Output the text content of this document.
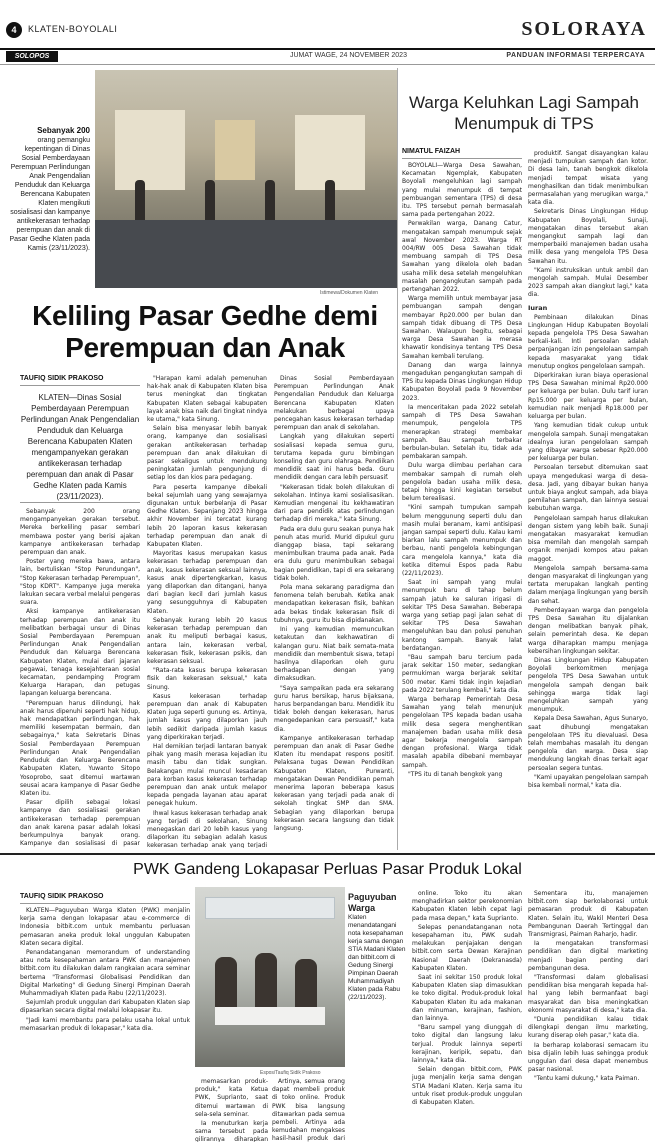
4	KLATEN-BOYOLALI	SOLORAYA
SOLOPOS	JUMAT WAGE, 24 NOVEMBER 2023	PANDUAN INFORMASI TERPERCAYA
Sebanyak 200
orang pemangku kepentingan di Dinas Sosial Pemberdayaan Perempuan Perlindungan Anak Pengendalian Penduduk dan Keluarga Berencana Kabupaten Klaten mengikuti sosialisasi dan kampanye antikekerasan terhadap perempuan dan anak di Pasar Gedhe Klaten pada Kamis (23/11/2023).
Istimewa/Dokumen Klaten
Keliling Pasar Gedhe demi Perempuan dan Anak
TAUFIQ SIDIK PRAKOSO
KLATEN—Dinas Sosial Pemberdayaan Perempuan Perlindungan Anak Pengendalian Penduduk dan Keluarga Berencana Kabupaten Klaten mengampanyekan gerakan antikekerasan terhadap perempuan dan anak di Pasar Gedhe Klaten pada Kamis (23/11/2023).

Sebanyak 200 orang mengampanyekan gerakan tersebut. Mereka berkeliling pasar sembari membawa poster yang berisi ajakan kampanye antikekerasan terhadap perempuan dan anak.

Poster yang mereka bawa, antara lain, bertuliskan "Stop Perundungan", "Stop Kekerasan terhadap Perempuan", "Stop KDRT". Kampanye juga mereka lakukan secara verbal melalui pengeras suara.

Aksi kampanye antikekerasan terhadap perempuan dan anak itu melibatkan berbagai unsur di Dinas Sosial Pemberdayaan Perempuan Perlindungan Anak Pengendalian Penduduk dan Keluarga Berencana Kabupaten Klaten, mulai dari jajaran pegawai, tenaga kesejahteraan sosial kecamatan, pendamping Program Keluarga Harapan, dan petugas lapangan keluarga berencana.

"Perempuan harus dilindungi, hak anak harus dipenuhi seperti hak hidup, hak mendapatkan perlindungan, hak memiliki kesempatan bermain, dan sebagainya," kata Sekretaris Dinas Sosial Pemberdayaan Perempuan Perlindungan Anak Pengendalian Penduduk dan Keluarga Berencana Kabupaten Klaten, Yuwanto Sitopo Yosoprobo, saat ditemui wartawan seusai acara kampanye di Pasar Gedhe Klaten itu.

Pasar dipilih sebagai lokasi kampanye dan sosialisasi gerakan antikekerasan terhadap perempuan dan anak karena pasar adalah lokasi berkumpulnya banyak orang. Kampanye dan sosialisasi di pasar

"Harapan kami adalah pemenuhan hak-hak anak di Kabupaten Klaten bisa terus meningkat dan tingkatan Kabupaten Klaten sebagai kabupaten layak anak bisa naik dari tingkat nindya ke utama," kata Sinung.

Selain bisa menyasar lebih banyak orang, kampanye dan sosialisasi gerakan antikekerasan terhadap perempuan dan anak dilakukan di pasar sekaligus untuk mendukung peningkatan jumlah pengunjung di setiap los dan kios para pedagang.

Para peserta kampanye dibekali bekal sejumlah uang yang sewajarnya digunakan untuk berbelanja di Pasar Gedhe Klaten. Sepanjang 2023 hingga akhir November ini tercatat kurang lebih 20 laporan kasus kekerasan terhadap perempuan dan anak di Kabupaten Klaten.

Mayoritas kasus merupakan kasus kekerasan terhadap perempuan dan anak, kasus kekerasan seksual lainnya, kasus anak dipertengkarkan, kasus yang dilaporkan dan ditangani, hanya dari bagian kecil dari jumlah kasus yang sesungguhnya di Kabupaten Klaten.

Sebanyak kurang lebih 20 kasus kekerasan terhadap perempuan dan anak itu meliputi berbagai kasus, antara lain, kekerasan verbal, kekerasan fisik, kekerasan psikis, dan kekerasan seksual.

"Rata-rata kasus berupa kekerasan fisik dan kekerasan seksual," kata Sinung.

Kasus kekerasan terhadap perempuan dan anak di Kabupaten Klaten juga seperti gunung es. Artinya, jumlah kasus yang dilaporkan jauh lebih sedikit daripada jumlah kasus yang diperkirakan terjadi.

Hal demikian terjadi lantaran banyak pihak yang masih merasa kejadian itu masih tabu dan tidak sungkan. Belakangan mulai muncul kesadaran para korban kasus kekerasan terhadap perempuan dan anak untuk melapor kepada pengada layanan atau aparat penegak hukum.

Ihwal kasus kekerasan terhadap anak yang terjadi di sekolahan, Sinung menegaskan dari 20 lebih kasus yang dilaporkan itu sebagian adalah kasus kekerasan terhadap anak yang terjadi

Dinas Sosial Pemberdayaan Perempuan Perlindungan Anak Pengendalian Penduduk dan Keluarga Berencana Kabupaten Klaten melakukan berbagai upaya pencegahan kasus kekerasan terhadap perempuan dan anak di sekolahan.

Langkah yang dilakukan seperti sosialisasi kepada semua guru, terutama kepada guru bimbingan konseling dan guru olahraga. Pendiikan mendidik saat ini harus beda. Guru mendidik dengan cara lebih persuasif.

"Kekerasan tidak boleh dilakukan di sekolahan. Intinya kami sosialisasikan. Kemudian mengenai itu kekhawatiran dari para pendidik atas perlindungan terhadap diri mereka," kata Sinung.

Pada era dulu guru seakan punya hak penuh atas murid. Murid dipukul guru dianggap biasa, tapi sekarang menimbulkan trauma pada anak. Pada era dulu guru menimbulkan sebagai bagian pendidikan, tapi di era sekarang tidak boleh.

Pola mana sekarang paradigma dan fenomena telah berubah. Ketika anak mendapatkan kekerasan fisik, bahkan ada bekas tindak kekerasan fisik di tubuhnya, guru itu bisa dipidanakan.

Ini yang kemudian memunculkan ketakutan dan kekhawatiran di kalangan guru. Niat baik semata-mata mendidik dan membentuk siswa, tetapi hasilnya dilaporkan oleh guru berhadapan dengan yang dimaksudkan.

"Saya sampaikan pada era sekarang guru harus bersikap, harus bijaksana, harus berpandangan baru. Mendidik itu tidak boleh dengan kekerasan, harus mengedepankan cara persuasif," kata dia.

Kampanye antikekerasan terhadap perempuan dan anak di Pasar Gedhe Klaten itu mendapat respons positif. Pelaksana tugas Dewan Pendidikan Kabupaten Klaten, Purwanti, mengatakan Dewan Pendidikan pernah menerima laporan beberapa kasus kekerasan yang terjadi pada anak di sekolah tingkat SMP dan SMA. Sebagian yang dilaporkan berupa kekerasan secara langsung dan tidak langsung.

Warga Keluhkan Lagi Sampah Menumpuk di TPS
NIMATUL FAIZAH

BOYOLALI—Warga Desa Sawahan, Kecamatan Ngemplak, Kabupaten Boyolali mengeluhkan lagi sampah yang mulai menumpuk di tempat pembuangan sementara (TPS) di desa itu. TPS tersebut pernah bermasalah sama pada pertengahan 2022.

Perwakilan warga, Danang Catur, mengatakan sampah menumpuk sejak awal November 2023. Warga RT 004/RW 005 Desa Sawahan tidak membuang sampah di TPS Desa Sawahan yang dikelola oleh badan usaha milik desa setelah mengeluhkan masalah pengangkutan sampah pada pertengahan 2022.

Warga memilih untuk membayar jasa pembuangan sampah dengan membayar Rp20.000 per bulan dan sampah tidak dibuang di TPS Desa Sawahan. Walaupun begitu, sebagai warga Desa Sawahan ia merasa khawatir kondisinya tentang TPS Desa Sawahan kembali terulang.

Danang dan warga lainnya mengadukan pengangkutan sampah di TPS itu kepada Dinas Lingkungan Hidup Kabupaten Boyolali pada 9 November 2023.

Ia menceritakan pada 2022 setelah sampah di TPS Desa Sawahan menumpuk, pengelola TPS menerapkan strategi membakar sampah. Bau sampah terbakar berbulan-bulan. Setelah itu, tidak ada pembakaran sampah.

Dulu warga diimbau perlahan cara membakar sampah di rumah oleh pengelola badan usaha milik desa, tetapi hingga kini kegiatan tersebut belum terealisasi.

"Kini sampah tumpukan sampah belum menggunung seperti dulu dan masih mulai beranam, kami antisipasi jangan sampai seperti dulu. Kalau kami biarkan lalu sampah menumpuk dan berbau, nanti pengelola kebingungan cara mengelola kannya," kata dia ketika ditemui Espos pada Rabu (22/11/2023).

Saat ini sampah yang mulai menumpuk baru di tahap belum sampah jatuh ke saluran irigasi di sekitar TPS Desa Sawahan. Beberapa warga yang setiap pagi jalan sehat di sekitar TPS Desa Sawahan mengeluhkan bau dan polusi penuhan kantong sampah. Banyak lalat berdatangan.

"Bau sampah baru tercium pada jarak sekitar 150 meter, sedangkan permukiman warga berjarak sekitar 500 meter. Kami tidak ingin kejadian pada 2022 terulang kembali," kata dia.

Warga berharap Pemerintah Desa Sawahan yang telah menunjuk pengelolaan TPS kepada badan usaha milik desa segera menghentikan manajemen badan usaha milik desa agar bekerja mengelola sampah dengan profesional. Warga tidak masalah apabila dibebani membayar sampah.

"TPS itu di tanah bengkok yang

produktif. Sangat disayangkan kalau menjadi tumpukan sampah dan kotor. Di desa lain, tanah bengkok dikelola menjadi tempat wisata yang menghasilkan dan tidak menimbulkan permasalahan yang merugikan warga," kata dia.

Sekretaris Dinas Lingkungan Hidup Kabupaten Boyolali, Sunaji, mengatakan dinas tersebut akan mengangkut sampah lagi dan memperbaiki manajemen badan usaha milik desa yang mengelola TPS Desa Sawahan itu.

"Kami instruksikan untuk ambil dan mengolah sampah. Mulai Desember 2023 sampah akan diangkut lagi," kata dia.

Iuran

Pembinaan dilakukan Dinas Lingkungan Hidup Kabupaten Boyolali kepada pengelola TPS Desa Sawahan berkali-kali. Inti persoalan adalah perpanjangan izin pengelolaan sampah kepada masyarakat yang tidak menutup ongkos pengelolaan sampah.

Diperkirakan iuran biaya operasional TPS Desa Sawahan minimal Rp20.000 per keluarga per bulan. Dulu tarif iuran Rp15.000 per keluarga per bulan, kemudian naik menjadi Rp18.000 per keluarga per bulan.

Yang kemudian tidak cukup untuk mengelola sampah. Sunaji mengatakan idealnya iuran pengelolaan sampah yang dibayar warga sebesar Rp20.000 per keluarga per bulan.

Persoalan tersebut ditemukan saat upaya mengedukasi warga di desa-desa. Jadi, yang dibayar bukan hanya untuk biaya angkut sampah, ada biaya pemilahan sampah, dan lainnya sesuai kebutuhan warga.

Pengelolaan sampah harus dilakukan dengan sistem yang lebih baik. Sunaji mengatakan masyarakat kemudian bisa memilah dan mengolah sampah organik menjadi kompos atau pakan maggot.

Mengelola sampah bersama-sama dengan masyarakat di lingkungan yang tertata merupakan langkah penting dalam menjaga lingkungan yang bersih dan sehat.

Pemberdayaan warga dan pengelola TPS Desa Sawahan itu dijalankan dengan melibatkan banyak pihak, selain pemerintah desa. Ke depan warga diharapkan mampu menjaga kebersihan lingkungan sekitar.

Dinas Lingkungan Hidup Kabupaten Boyolali berkomitmen menjaga pengelola TPS Desa Sawahan untuk mengelola sampah dengan baik sehingga warga tidak lagi mengeluhkan sampah yang menumpuk.

Kepala Desa Sawahan, Agus Sunaryo, saat dihubungi mengatakan pengelolaan TPS itu dievaluasi. Desa telah membahas masalah itu dengan pengelola dan warga. Desa siap mendukung langkah dinas terkait agar persoalan segera tuntas.

"Kami upayakan pengelolaan sampah bisa kembali normal," kata dia.

PWK Gandeng Lokapasar Perluas Pasar Produk Lokal
TAUFIQ SIDIK PRAKOSO

KLATEN—Paguyuban Warga Klaten (PWK) menjalin kerja sama dengan lokapasar atau e-commerce di Indonesia bitbit.com untuk membantu perluasan pemasaran aneka produk lokal unggulan Kabupaten Klaten secara digital.

Penandatanganan memorandum of understanding atau nota kesepahaman antara PWK dan manajemen bitbit.com itu dilakukan dalam rangkaian acara seminar bertema "Transformasi Globalisasi Pendidikan dan Digital Marketing" di Gedung Sinergi Pimpinan Daerah Muhammadiyah Klaten pada Rabu (22/11/2023).

Sejumlah produk unggulan dari Kabupaten Klaten siap dipasarkan secara digital melalui lokapasar itu.

"Jadi kami membantu para pelaku usaha lokal untuk memasarkan produk di lokapasar," kata dia.

Paguyuban Warga
Klaten menandatangani nota kesepahaman kerja sama dengan STIA Madani Klaten dan bitbit.com di Gedung Sinergi Pimpinan Daerah Muhammadiyah Klaten pada Rabu (22/11/2023).
Espos/Taufiq Sidik Prakoso

memasarkan produk-produk," kata Ketua PWK, Suprianto, saat ditemui wartawan di sela-sela seminar.

Ia menuturkan kerja sama tersebut pada gilirannya diharapkan

Artinya, semua orang dapat membeli produk di toko online. Produk PWK bisa langsung ditawarkan pada semua pembeli. Artinya ada kemudahan mengakses hasil-hasil produk dari

online. Toko itu akan menghadirkan sektor perekonomian Kabupaten Klaten lebih cepat lagi pada masa depan," kata Suprianto.

Selepas penandatanganan nota kesepahaman itu, PWK sudah melakukan penjajakan dengan bitbit.com serta Dewan Kerajinan Nasional Daerah (Dekranasda) Kabupaten Klaten.

Saat ini sekitar 150 produk lokal Kabupaten Klaten siap dimasukkan ke toko digital. Produk-produk lokal Kabupaten Klaten itu ada makanan dan minuman, kerajinan, fashion, dan lainnya.

"Baru sampel yang diunggah di toko digital dan langsung laku terjual. Produk lainnya seperti kerajinan, keripik, sepatu, dan lainnya," kata dia.

Selain dengan bitbit.com, PWK juga menjalin kerja sama dengan STIA Madani Klaten. Kerja sama itu untuk riset produk-produk unggulan di Kabupaten Klaten.

Sementara itu, manajemen bitbit.com siap berkolaborasi untuk pemasaran produk di Kabupaten Klaten. Selain itu, Wakil Menteri Desa Pembangunan Daerah Tertinggal dan Transmigrasi, Paiman Raharjo, hadir.

Ia mengatakan transformasi pendidikan dan digital marketing menjadi bagian penting dari pembangunan desa.

"Transformasi dalam globalisasi pendidikan bisa mengarah kepada hal-hal yang lebih bermanfaat bagi masyarakat dan bisa meningkatkan ekonomi masyarakat di desa," kata dia.

"Dunia pendidikan kalau tidak dilengkapi dengan ilmu marketing, kurang diserap oleh pasar," kata dia.

Ia berharap kolaborasi semacam itu bisa dijalin lebih luas sehingga produk unggulan dari desa dapat menembus pasar nasional.

"Tentu kami dukung," kata Paiman.
